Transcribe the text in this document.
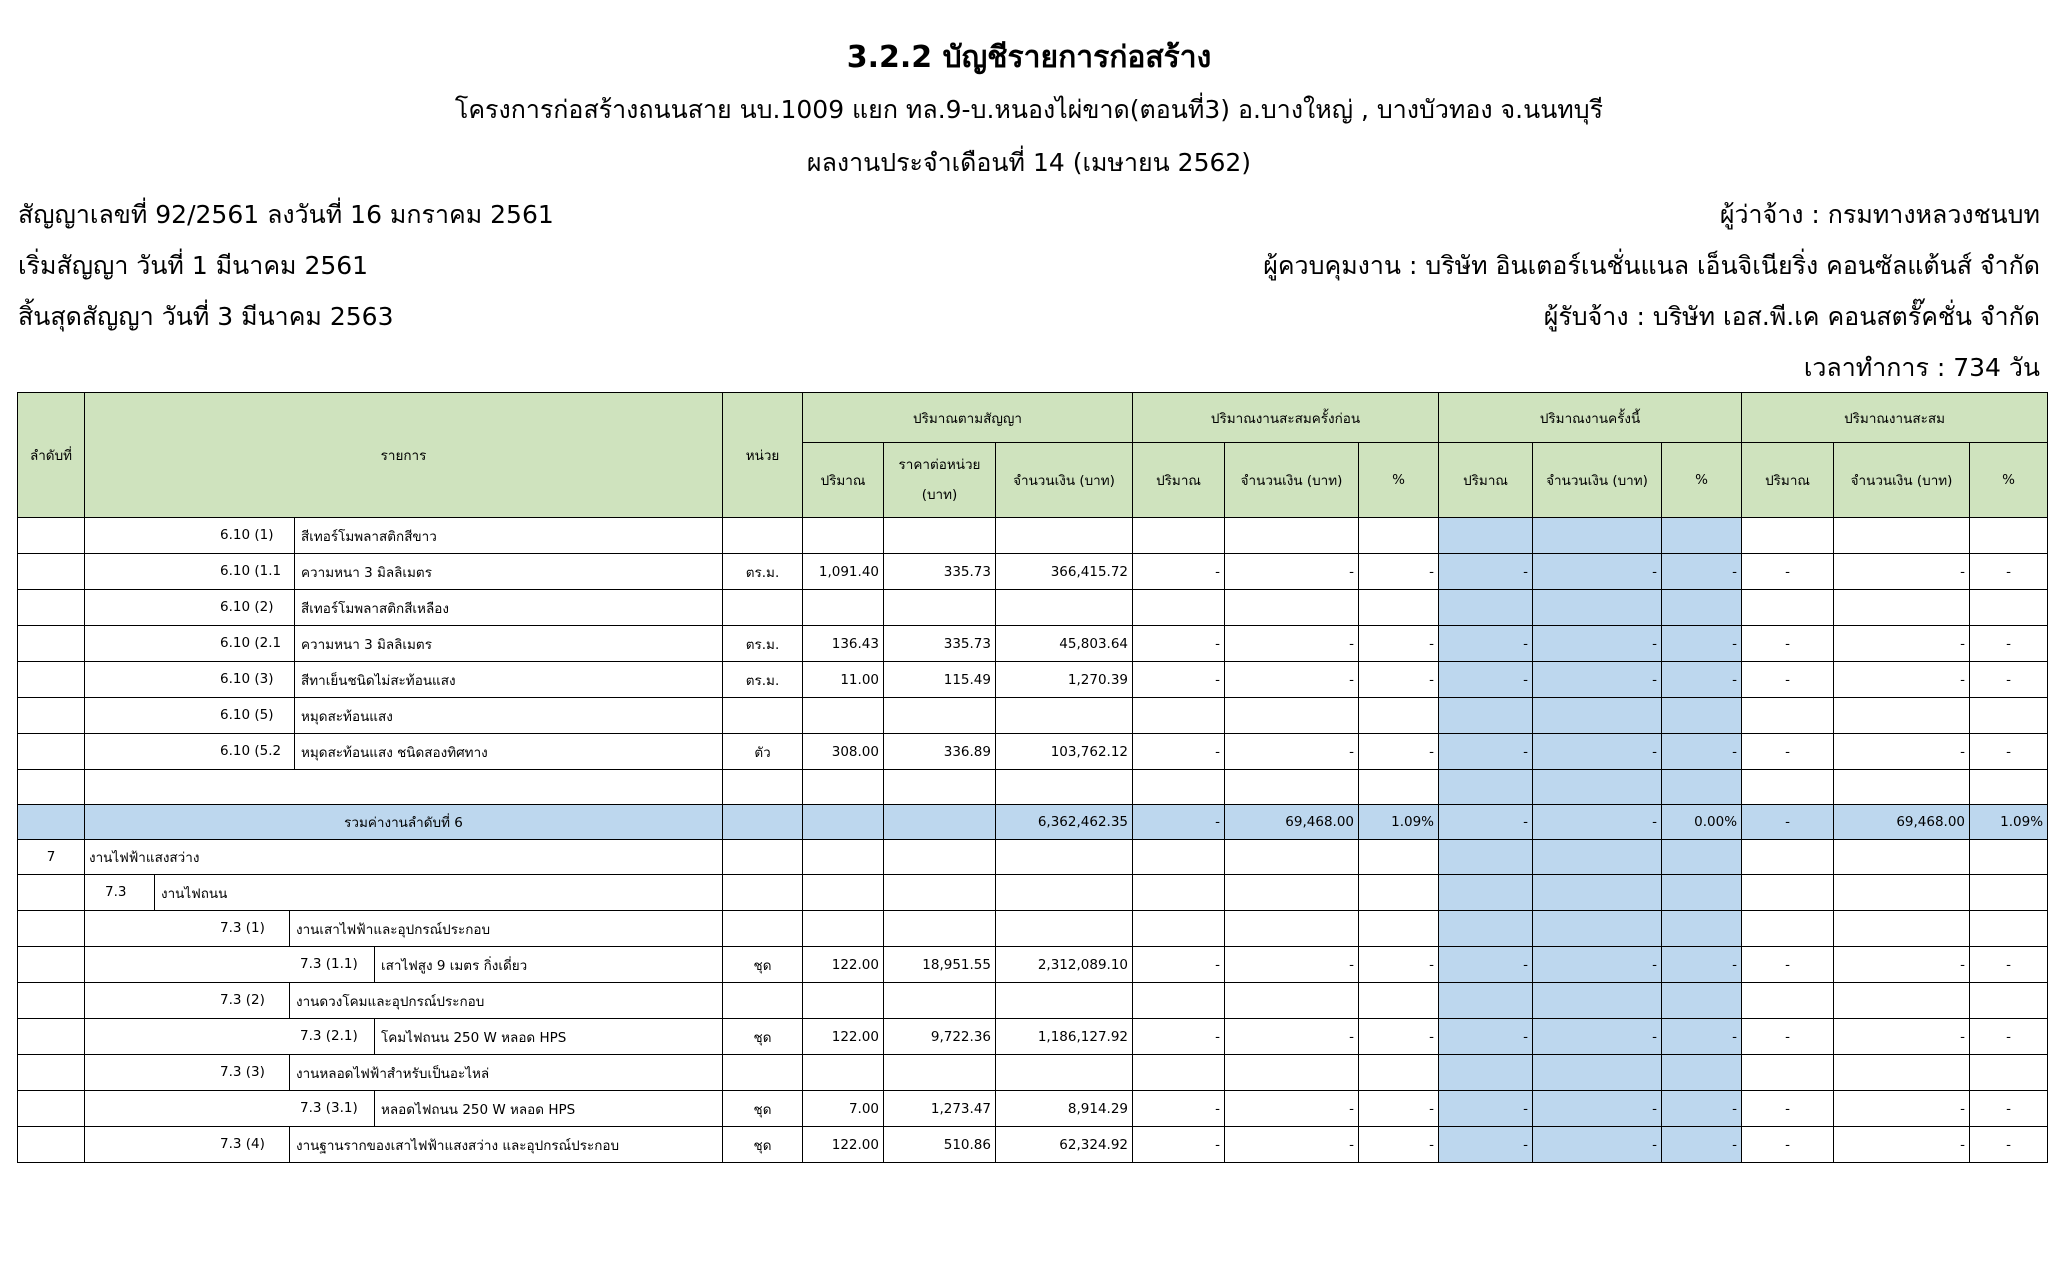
3.2.2 บัญชีรายการก่อสร้าง
โครงการก่อสร้างถนนสาย นบ.1009 แยก ทล.9-บ.หนองไผ่ขาด(ตอนที่3) อ.บางใหญ่ , บางบัวทอง จ.นนทบุรี
ผลงานประจำเดือนที่ 14 (เมษายน 2562)
สัญญาเลขที่ 92/2561 ลงวันที่ 16 มกราคม 2561
เริ่มสัญญา วันที่ 1 มีนาคม 2561
สิ้นสุดสัญญา วันที่ 3 มีนาคม 2563
ผู้ว่าจ้าง : กรมทางหลวงชนบท
ผู้ควบคุมงาน : บริษัท อินเตอร์เนชั่นแนล เอ็นจิเนียริ่ง คอนซัลแต้นส์ จำกัด
ผู้รับจ้าง : บริษัท เอส.พี.เค คอนสตรั๊คชั่น จำกัด
เวลาทำการ : 734 วัน
ลำดับที่	รายการ	หน่วย	ปริมาณตามสัญญา			ปริมาณงานสะสมครั้งก่อน			ปริมาณงานครั้งนี้			ปริมาณงานสะสม		
			ปริมาณ	ราคาต่อหน่วย (บาท)	จำนวนเงิน (บาท)	ปริมาณ	จำนวนเงิน (บาท)	%	ปริมาณ	จำนวนเงิน (บาท)	%	ปริมาณ	จำนวนเงิน (บาท)	%

	6.10 (1) สีเทอร์โมพลาสติกสีขาว													

	6.10 (1.1 ความหนา 3 มิลลิเมตร	ตร.ม.	1,091.40	335.73	366,415.72	-	-	-	-	-	-	-	-	-

	6.10 (2) สีเทอร์โมพลาสติกสีเหลือง													

	6.10 (2.1 ความหนา 3 มิลลิเมตร	ตร.ม.	136.43	335.73	45,803.64	-	-	-	-	-	-	-	-	-

	6.10 (3) สีทาเย็นชนิดไม่สะท้อนแสง	ตร.ม.	11.00	115.49	1,270.39	-	-	-	-	-	-	-	-	-

	6.10 (5) หมุดสะท้อนแสง													

	6.10 (5.2 หมุดสะท้อนแสง ชนิดสองทิศทาง	ตัว	308.00	336.89	103,762.12	-	-	-	-	-	-	-	-	-

	รวมค่างานลำดับที่ 6				6,362,462.35	-	69,468.00	1.09%	-	-	0.00%	-	69,468.00	1.09%
7	งานไฟฟ้าแสงสว่าง													

	7.3 งานไฟถนน													

	7.3 (1) งานเสาไฟฟ้าและอุปกรณ์ประกอบ													

	7.3 (1.1) เสาไฟสูง 9 เมตร กิ่งเดี่ยว	ชุด	122.00	18,951.55	2,312,089.10	-	-	-	-	-	-	-	-	-

	7.3 (2) งานดวงโคมและอุปกรณ์ประกอบ													

	7.3 (2.1) โคมไฟถนน 250 W หลอด HPS	ชุด	122.00	9,722.36	1,186,127.92	-	-	-	-	-	-	-	-	-

	7.3 (3) งานหลอดไฟฟ้าสำหรับเป็นอะไหล่													

	7.3 (3.1) หลอดไฟถนน 250 W หลอด HPS	ชุด	7.00	1,273.47	8,914.29	-	-	-	-	-	-	-	-	-

	7.3 (4) งานฐานรากของเสาไฟฟ้าแสงสว่าง และอุปกรณ์ประกอบ	ชุด	122.00	510.86	62,324.92	-	-	-	-	-	-	-	-	-
